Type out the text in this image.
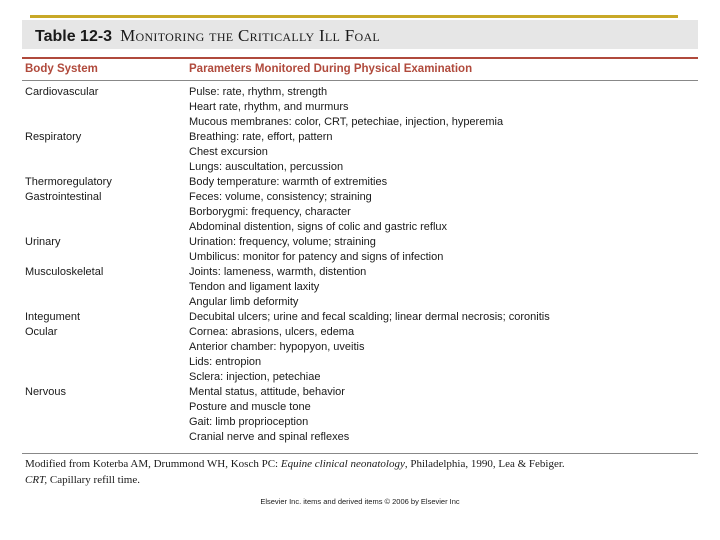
Table 12-3 Monitoring the Critically Ill Foal
Body System	Parameters Monitored During Physical Examination
Cardiovascular	Pulse: rate, rhythm, strength
Heart rate, rhythm, and murmurs
Mucous membranes: color, CRT, petechiae, injection, hyperemia
Respiratory	Breathing: rate, effort, pattern
Chest excursion
Lungs: auscultation, percussion
Thermoregulatory	Body temperature: warmth of extremities
Gastrointestinal	Feces: volume, consistency; straining
Borborygmi: frequency, character
Abdominal distention, signs of colic and gastric reflux
Urinary	Urination: frequency, volume; straining
Umbilicus: monitor for patency and signs of infection
Musculoskeletal	Joints: lameness, warmth, distention
Tendon and ligament laxity
Angular limb deformity
Integument	Decubital ulcers; urine and fecal scalding; linear dermal necrosis; coronitis
Ocular	Cornea: abrasions, ulcers, edema
Anterior chamber: hypopyon, uveitis
Lids: entropion
Sclera: injection, petechiae
Nervous	Mental status, attitude, behavior
Posture and muscle tone
Gait: limb proprioception
Cranial nerve and spinal reflexes
Modified from Koterba AM, Drummond WH, Kosch PC: Equine clinical neonatology, Philadelphia, 1990, Lea & Febiger.
CRT, Capillary refill time.
Elsevier Inc. items and derived items © 2006 by Elsevier Inc
